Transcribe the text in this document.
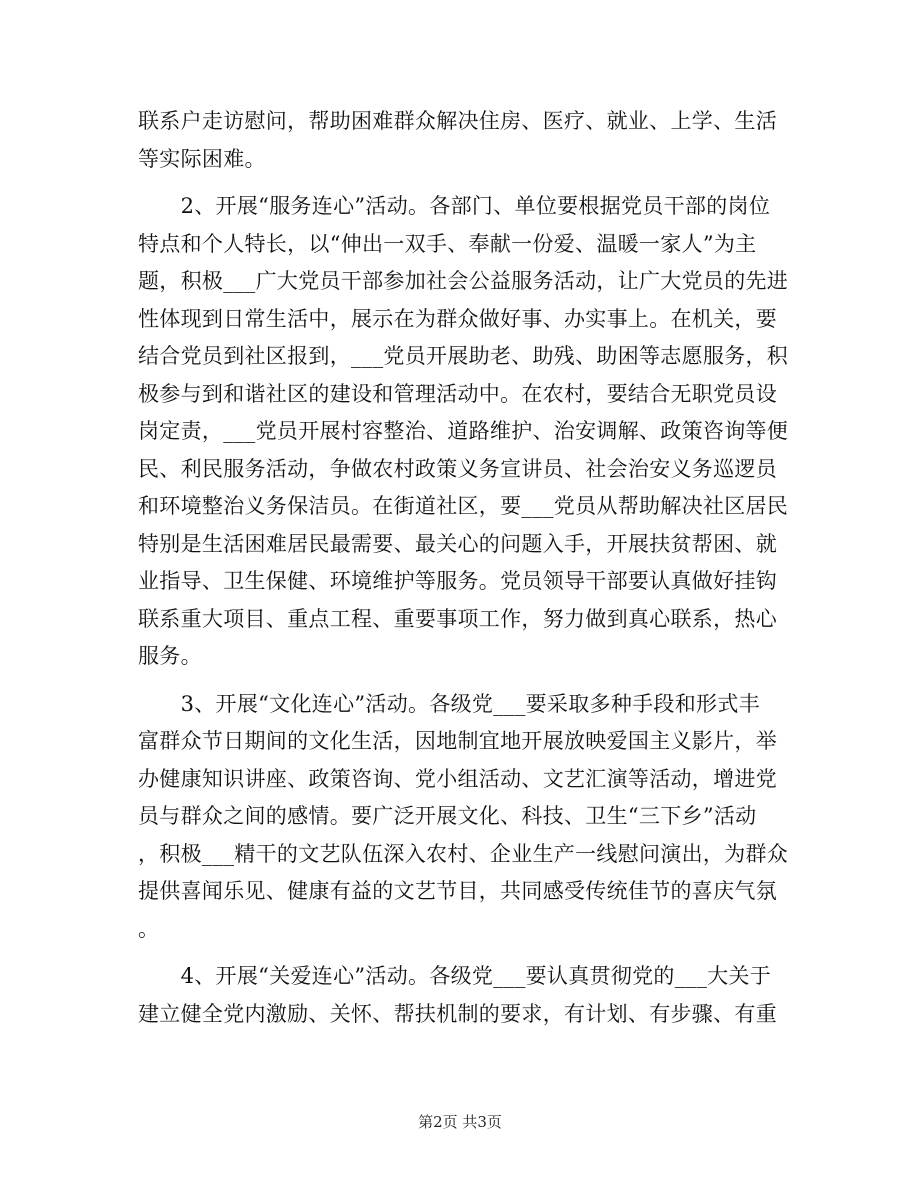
联系户走访慰问，帮助困难群众解决住房、医疗、就业、上学、生活
等实际困难。
　　2、开展“服务连心”活动。各部门、单位要根据党员干部的岗位
特点和个人特长，以“伸出一双手、奉献一份爱、温暖一家人”为主
题，积极___广大党员干部参加社会公益服务活动，让广大党员的先进
性体现到日常生活中，展示在为群众做好事、办实事上。在机关，要
结合党员到社区报到，___党员开展助老、助残、助困等志愿服务，积
极参与到和谐社区的建设和管理活动中。在农村，要结合无职党员设
岗定责，___党员开展村容整治、道路维护、治安调解、政策咨询等便
民、利民服务活动，争做农村政策义务宣讲员、社会治安义务巡逻员
和环境整治义务保洁员。在街道社区，要___党员从帮助解决社区居民
特别是生活困难居民最需要、最关心的问题入手，开展扶贫帮困、就
业指导、卫生保健、环境维护等服务。党员领导干部要认真做好挂钩
联系重大项目、重点工程、重要事项工作，努力做到真心联系，热心
服务。
　　3、开展“文化连心”活动。各级党___要采取多种手段和形式丰
富群众节日期间的文化生活，因地制宜地开展放映爱国主义影片，举
办健康知识讲座、政策咨询、党小组活动、文艺汇演等活动，增进党
员与群众之间的感情。要广泛开展文化、科技、卫生“三下乡”活动
，积极___精干的文艺队伍深入农村、企业生产一线慰问演出，为群众
提供喜闻乐见、健康有益的文艺节目，共同感受传统佳节的喜庆气氛
。
　　4、开展“关爱连心”活动。各级党___要认真贯彻党的___大关于
建立健全党内激励、关怀、帮扶机制的要求，有计划、有步骤、有重
第2页 共3页
